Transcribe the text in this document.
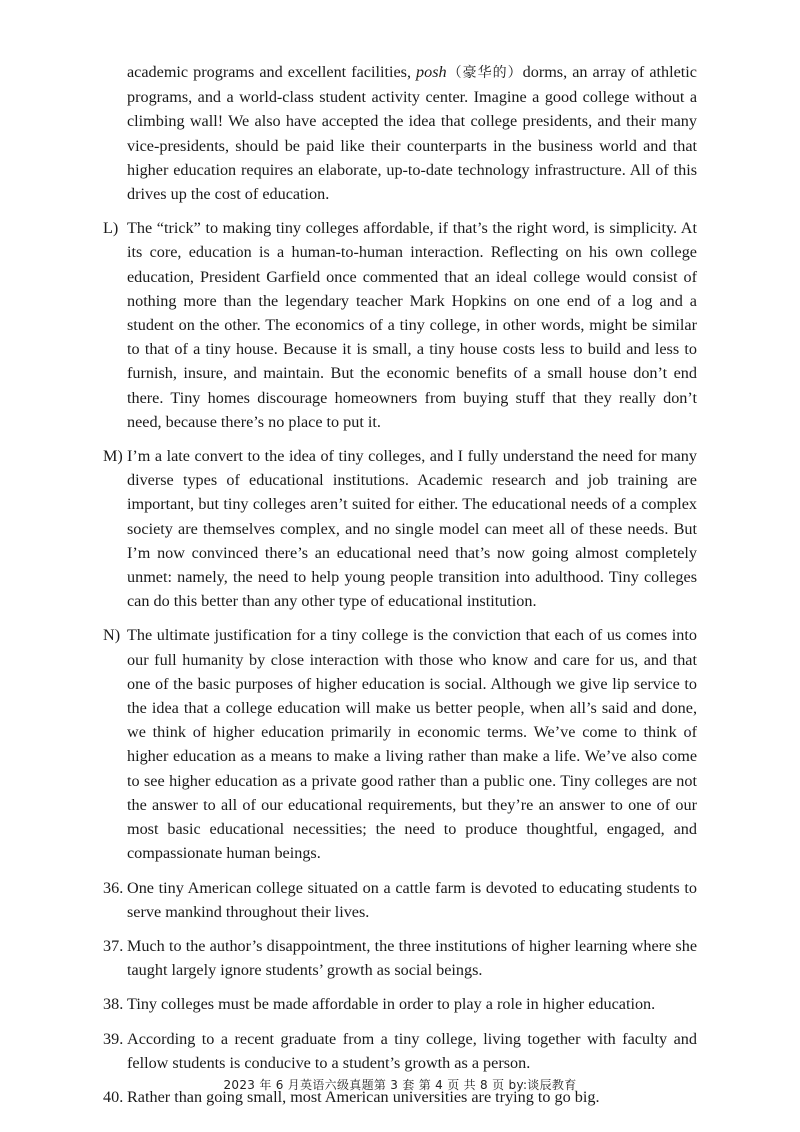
academic programs and excellent facilities, posh（豪华的）dorms, an array of athletic programs, and a world-class student activity center. Imagine a good college without a climbing wall! We also have accepted the idea that college presidents, and their many vice-presidents, should be paid like their counterparts in the business world and that higher education requires an elaborate, up-to-date technology infrastructure. All of this drives up the cost of education.

L) The “trick” to making tiny colleges affordable, if that’s the right word, is simplicity. At its core, education is a human-to-human interaction. Reflecting on his own college education, President Garfield once commented that an ideal college would consist of nothing more than the legendary teacher Mark Hopkins on one end of a log and a student on the other. The economics of a tiny college, in other words, might be similar to that of a tiny house. Because it is small, a tiny house costs less to build and less to furnish, insure, and maintain. But the economic benefits of a small house don’t end there. Tiny homes discourage homeowners from buying stuff that they really don’t need, because there’s no place to put it.

M) I’m a late convert to the idea of tiny colleges, and I fully understand the need for many diverse types of educational institutions. Academic research and job training are important, but tiny colleges aren’t suited for either. The educational needs of a complex society are themselves complex, and no single model can meet all of these needs. But I’m now convinced there’s an educational need that’s now going almost completely unmet: namely, the need to help young people transition into adulthood. Tiny colleges can do this better than any other type of educational institution.

N) The ultimate justification for a tiny college is the conviction that each of us comes into our full humanity by close interaction with those who know and care for us, and that one of the basic purposes of higher education is social. Although we give lip service to the idea that a college education will make us better people, when all’s said and done, we think of higher education primarily in economic terms. We’ve come to think of higher education as a means to make a living rather than make a life. We’ve also come to see higher education as a private good rather than a public one. Tiny colleges are not the answer to all of our educational requirements, but they’re an answer to one of our most basic educational necessities; the need to produce thoughtful, engaged, and compassionate human beings.

36. One tiny American college situated on a cattle farm is devoted to educating students to serve mankind throughout their lives.

37. Much to the author’s disappointment, the three institutions of higher learning where she taught largely ignore students’ growth as social beings.

38. Tiny colleges must be made affordable in order to play a role in higher education.

39. According to a recent graduate from a tiny college, living together with faculty and fellow students is conducive to a student’s growth as a person.

40. Rather than going small, most American universities are trying to go big.

2023 年 6 月英语六级真题第 3 套 第 4 页 共 8 页 by:谈辰教育
